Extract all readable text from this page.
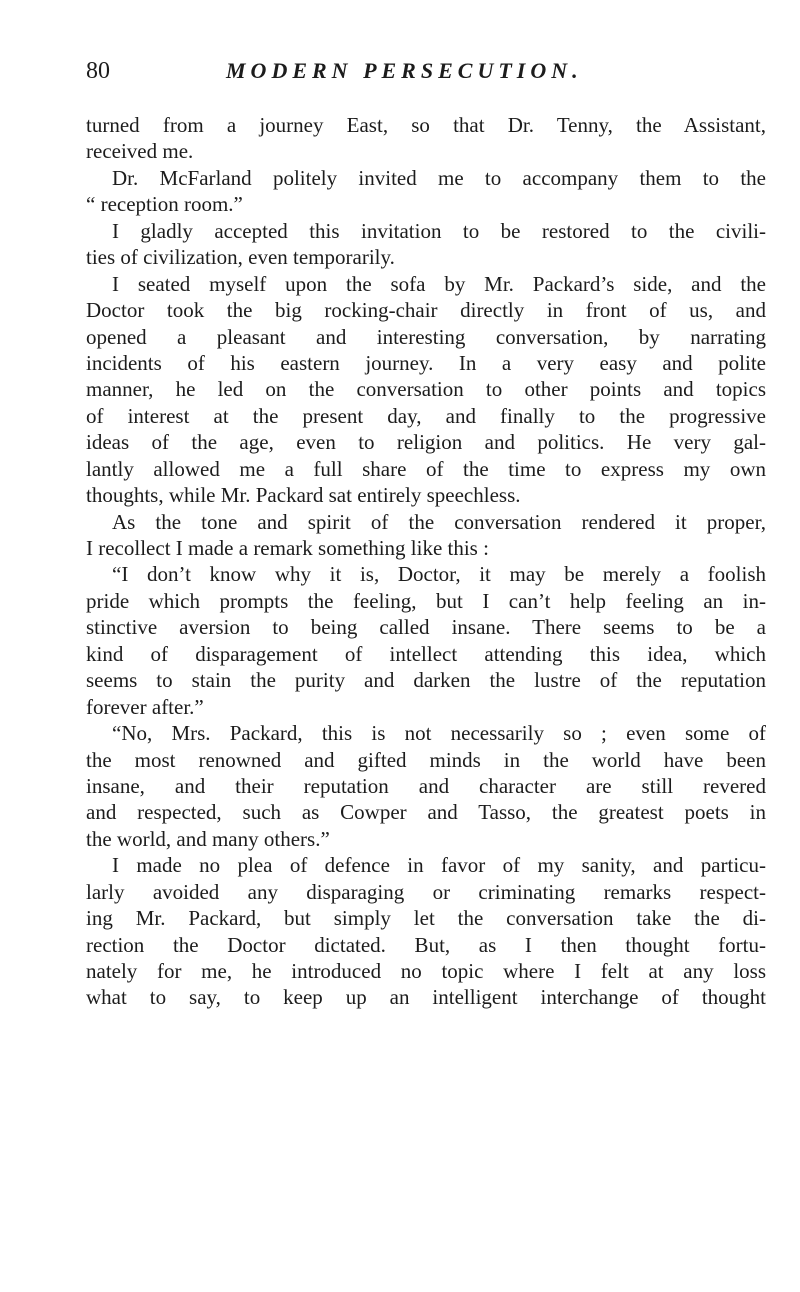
80	MODERN PERSECUTION.
turned from a journey East, so that Dr. Tenny, the Assistant,
received me.
Dr. McFarland politely invited me to accompany them to the
“ reception room.”
I gladly accepted this invitation to be restored to the civili-
ties of civilization, even temporarily.
I seated myself upon the sofa by Mr. Packard’s side, and the
Doctor took the big rocking-chair directly in front of us, and
opened a pleasant and interesting conversation, by narrating
incidents of his eastern journey. In a very easy and polite
manner, he led on the conversation to other points and topics
of interest at the present day, and finally to the progressive
ideas of the age, even to religion and politics. He very gal-
lantly allowed me a full share of the time to express my own
thoughts, while Mr. Packard sat entirely speechless.
As the tone and spirit of the conversation rendered it proper,
I recollect I made a remark something like this :
“I don’t know why it is, Doctor, it may be merely a foolish
pride which prompts the feeling, but I can’t help feeling an in-
stinctive aversion to being called insane. There seems to be a
kind of disparagement of intellect attending this idea, which
seems to stain the purity and darken the lustre of the reputation
forever after.”
“No, Mrs. Packard, this is not necessarily so ; even some of
the most renowned and gifted minds in the world have been
insane, and their reputation and character are still revered
and respected, such as Cowper and Tasso, the greatest poets in
the world, and many others.”
I made no plea of defence in favor of my sanity, and particu-
larly avoided any disparaging or criminating remarks respect-
ing Mr. Packard, but simply let the conversation take the di-
rection the Doctor dictated. But, as I then thought fortu-
nately for me, he introduced no topic where I felt at any loss
what to say, to keep up an intelligent interchange of thought
